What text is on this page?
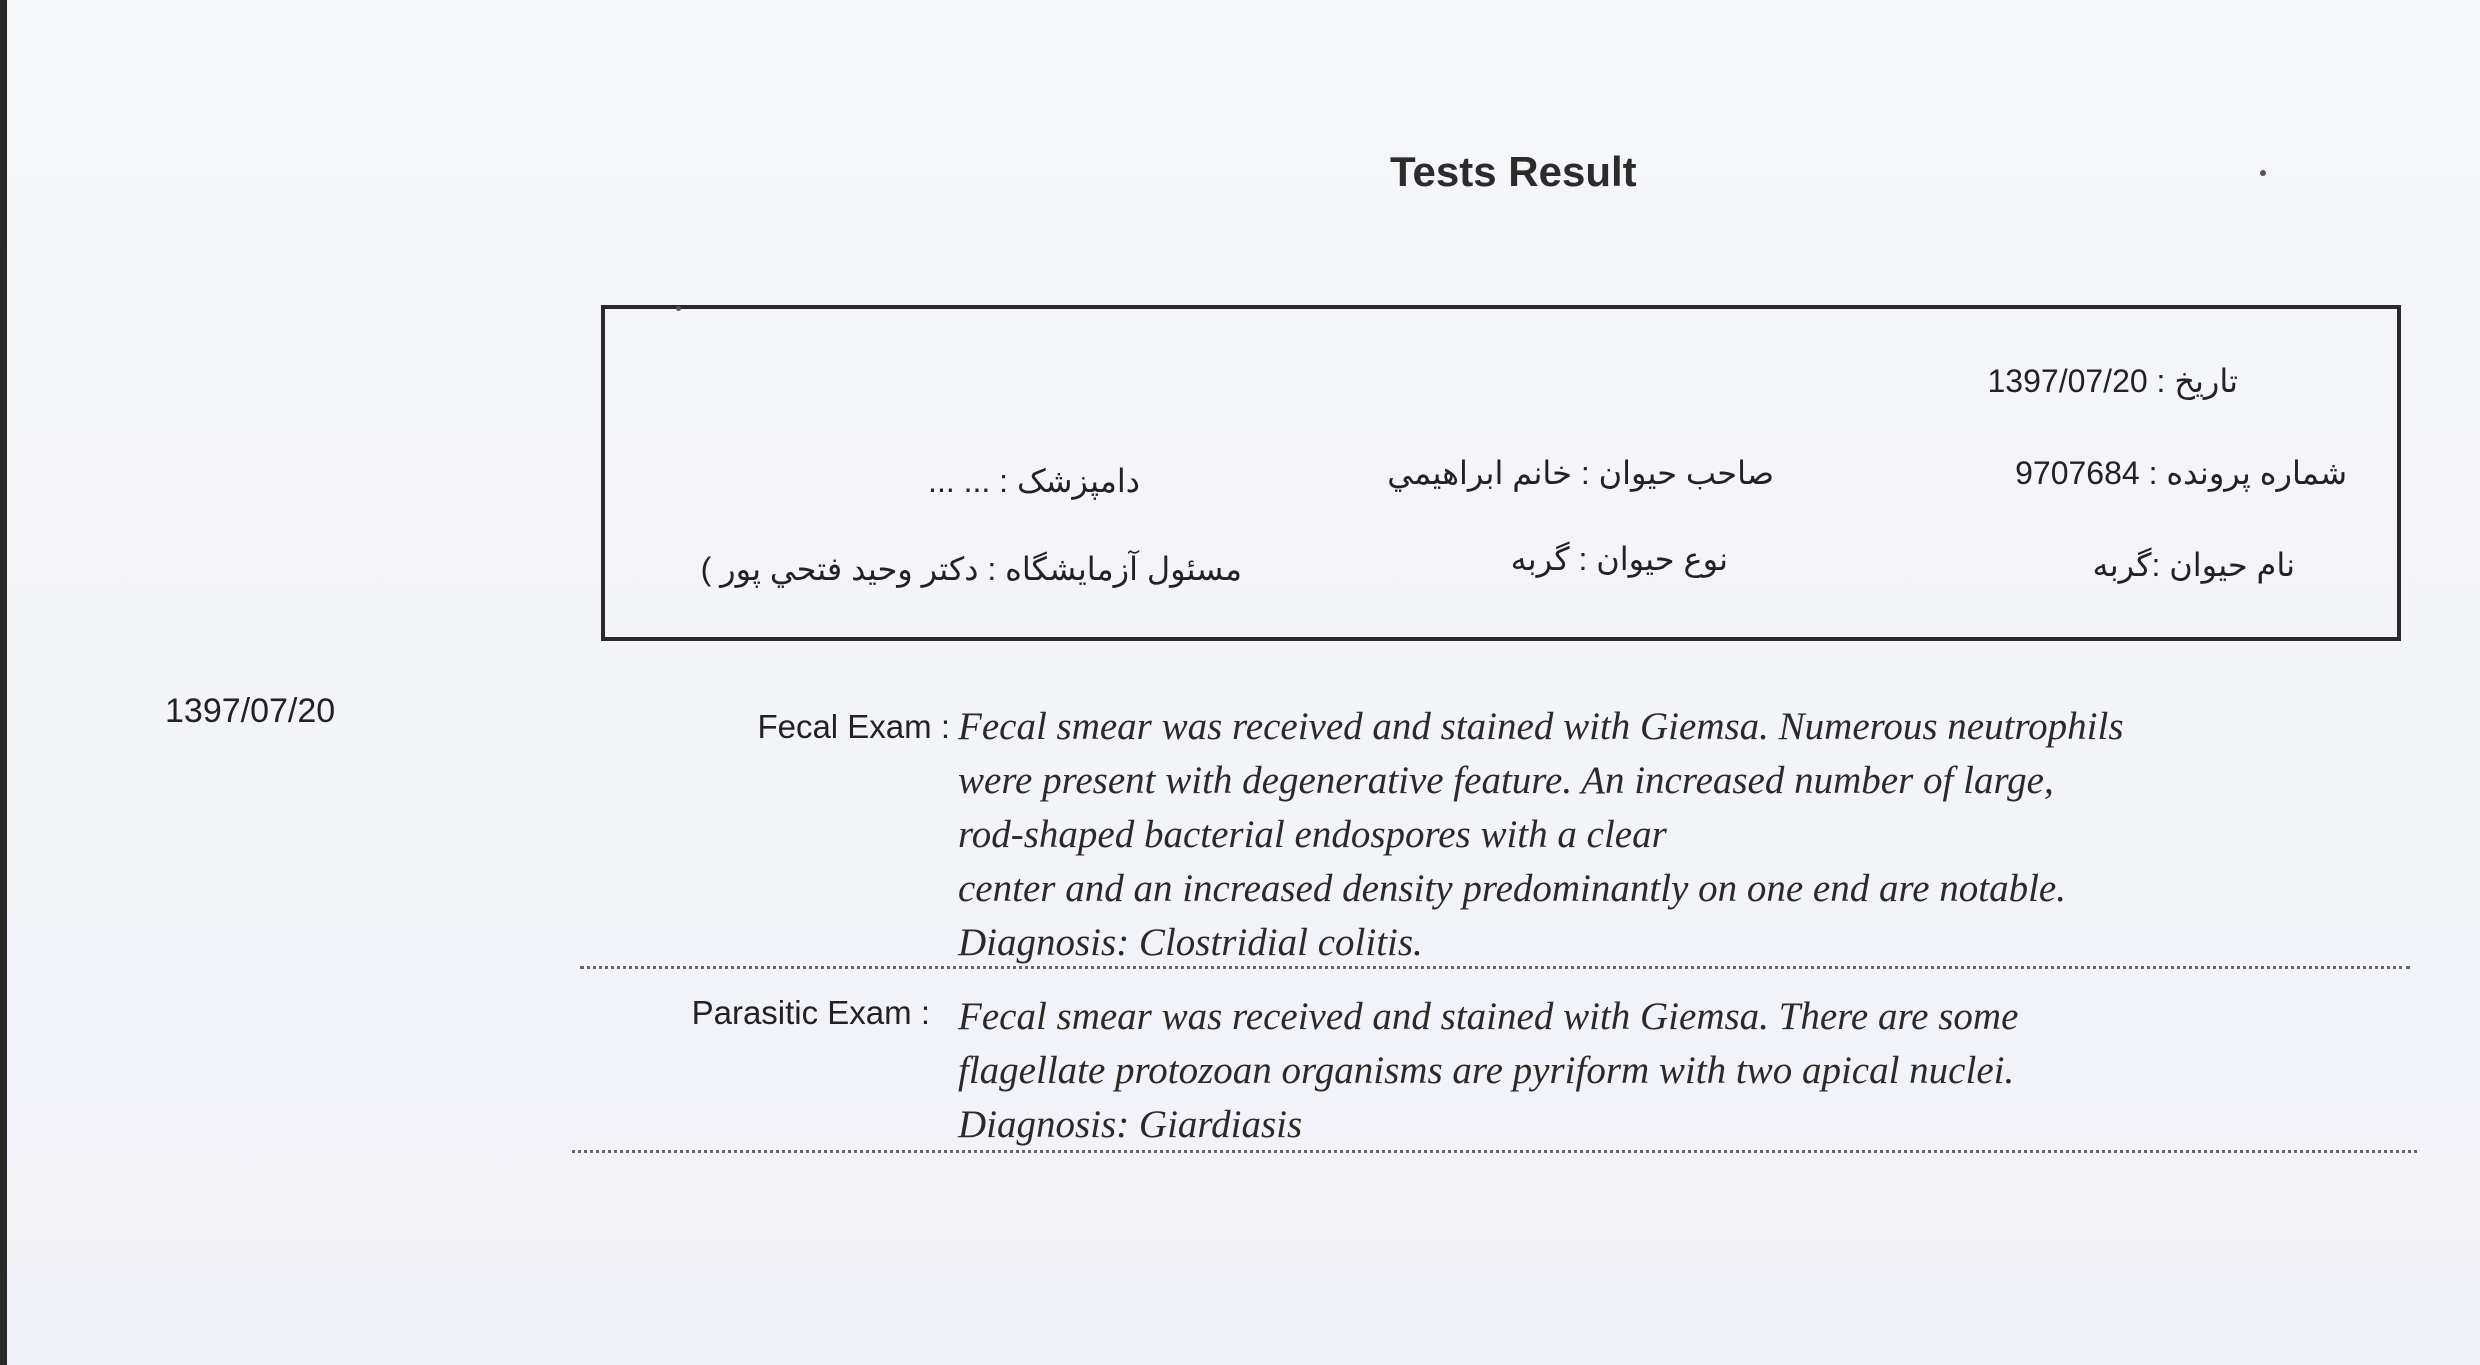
Tests Result
تاريخ : 1397/07/20
شماره پرونده : 9707684
نام حيوان :گربه
صاحب حيوان : خانم ابراهيمي
نوع حيوان : گربه
دامپزشک : ... ...
مسئول آزمايشگاه : دكتر وحيد فتحي پور )
1397/07/20	Fecal Exam : Fecal smear was received and stained with Giemsa. Numerous neutrophils
were present with degenerative feature. An increased number of large,
rod-shaped bacterial endospores with a clear
center and an increased density predominantly on one end are notable.
Diagnosis: Clostridial colitis.
Parasitic Exam : Fecal smear was received and stained with Giemsa. There are some
flagellate protozoan organisms are pyriform with two apical nuclei.
Diagnosis: Giardiasis
